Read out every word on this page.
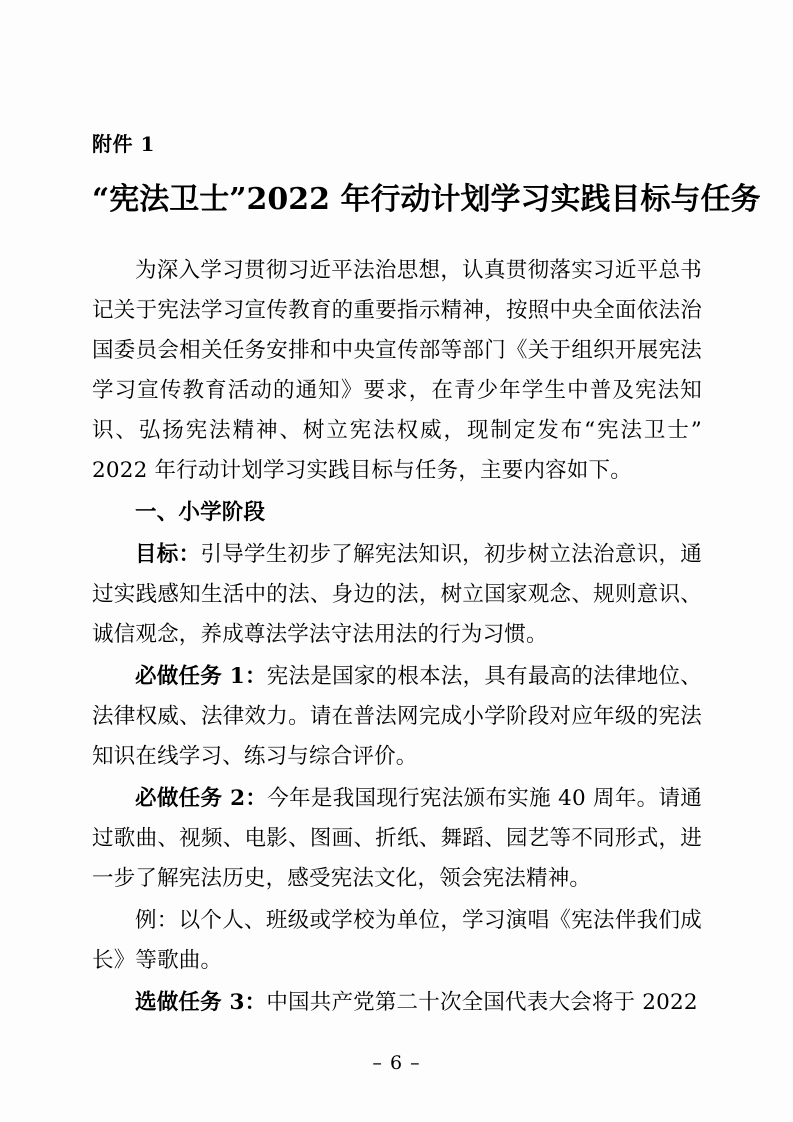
附件 1
“宪法卫士”2022 年行动计划学习实践目标与任务

为深入学习贯彻习近平法治思想，认真贯彻落实习近平总书记关于宪法学习宣传教育的重要指示精神，按照中央全面依法治国委员会相关任务安排和中央宣传部等部门《关于组织开展宪法学习宣传教育活动的通知》要求，在青少年学生中普及宪法知识、弘扬宪法精神、树立宪法权威，现制定发布“宪法卫士”2022 年行动计划学习实践目标与任务，主要内容如下。

一、小学阶段

目标：引导学生初步了解宪法知识，初步树立法治意识，通过实践感知生活中的法、身边的法，树立国家观念、规则意识、诚信观念，养成尊法学法守法用法的行为习惯。

必做任务 1：宪法是国家的根本法，具有最高的法律地位、法律权威、法律效力。请在普法网完成小学阶段对应年级的宪法知识在线学习、练习与综合评价。

必做任务 2：今年是我国现行宪法颁布实施 40 周年。请通过歌曲、视频、电影、图画、折纸、舞蹈、园艺等不同形式，进一步了解宪法历史，感受宪法文化，领会宪法精神。

例：以个人、班级或学校为单位，学习演唱《宪法伴我们成长》等歌曲。

选做任务 3：中国共产党第二十次全国代表大会将于 2022

– 6 –
